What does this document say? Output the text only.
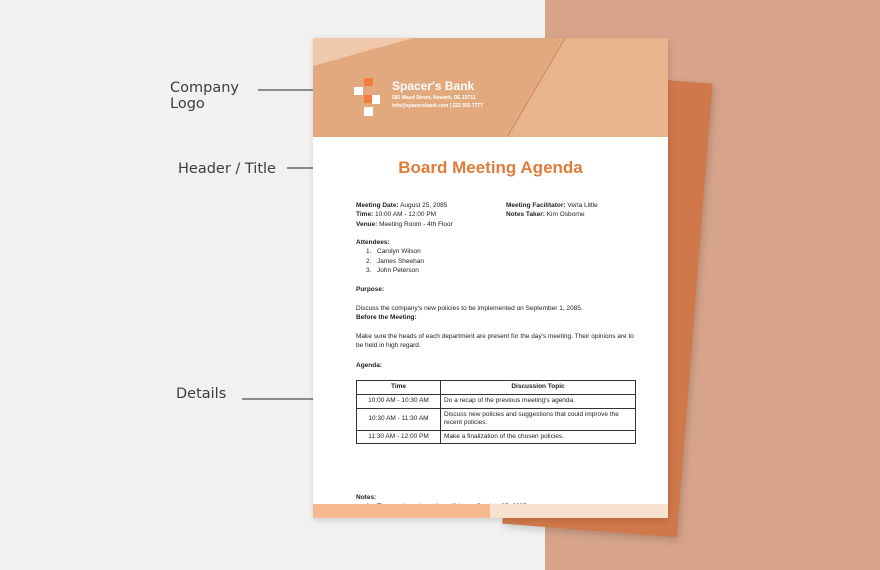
Company
Logo
Header / Title
Details
Spacer's Bank
581 Maud Street, Newark, DE 19711
info@spacersbank.com | 222 555 7777
Board Meeting Agenda
Meeting Date: August 25, 2085
Time: 10:00 AM - 12:00 PM
Venue: Meeting Room - 4th Floor
Meeting Facilitator: Verla Little
Notes Taker: Kim Osborne
Attendees:
1. Carolyn Wilson
2. James Sheehan
3. John Peterson
Purpose:
Discuss the company's new policies to be implemented on September 1, 2085.
Before the Meeting:
Make sure the heads of each department are present for the day's meeting. Their opinions are to be held in high regard.
Agenda:
Time	Discussion Topic
10:00 AM - 10:30 AM	Do a recap of the previous meeting's agenda.
10:30 AM - 11:30 AM	Discuss new policies and suggestions that could improve the recent policies.
11:30 AM - 12:00 PM	Make a finalization of the chosen policies.
Notes:
